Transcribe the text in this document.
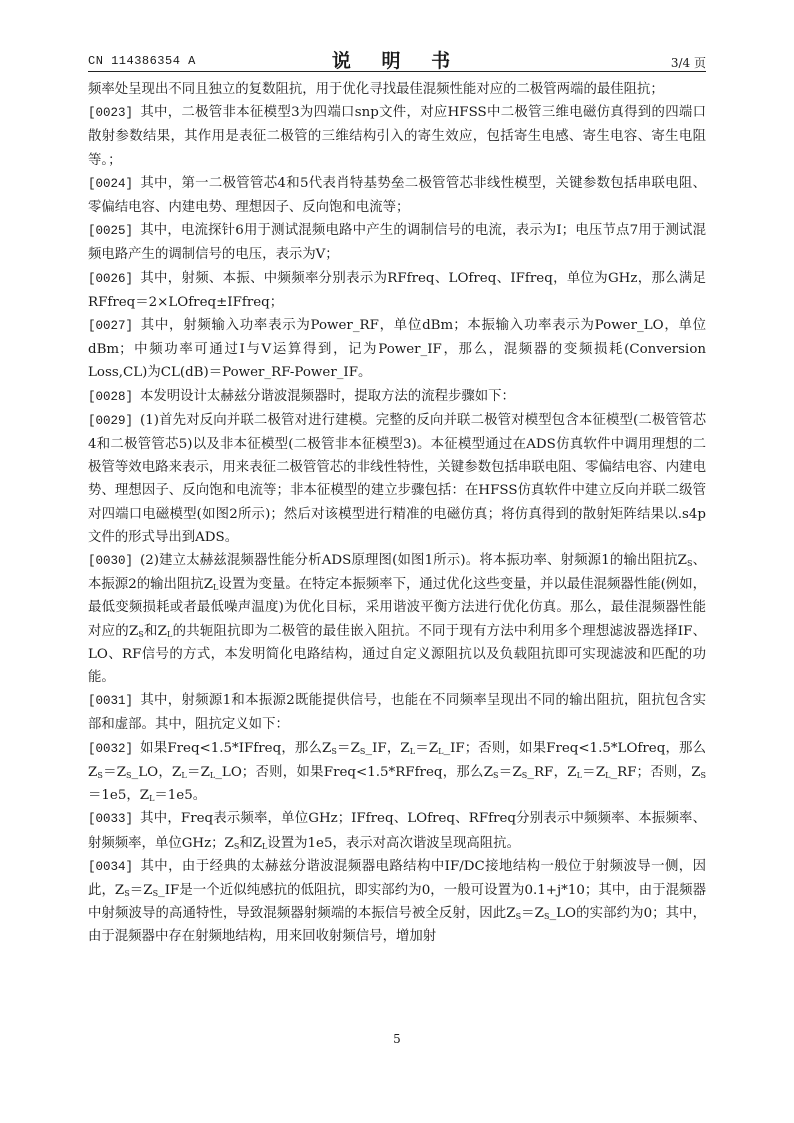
CN 114386354 A	说 明 书	3/4 页

频率处呈现出不同且独立的复数阻抗，用于优化寻找最佳混频性能对应的二极管两端的最佳阻抗；

[0023] 其中，二极管非本征模型3为四端口snp文件，对应HFSS中二极管三维电磁仿真得到的四端口散射参数结果，其作用是表征二极管的三维结构引入的寄生效应，包括寄生电感、寄生电容、寄生电阻等。；

[0024] 其中，第一二极管管芯4和5代表肖特基势垒二极管管芯非线性模型，关键参数包括串联电阻、零偏结电容、内建电势、理想因子、反向饱和电流等；

[0025] 其中，电流探针6用于测试混频电路中产生的调制信号的电流，表示为I；电压节点7用于测试混频电路产生的调制信号的电压，表示为V；

[0026] 其中，射频、本振、中频频率分别表示为RFfreq、LOfreq、IFfreq，单位为GHz，那么满足RFfreq＝2×LOfreq±IFfreq；

[0027] 其中，射频输入功率表示为Power_RF，单位dBm；本振输入功率表示为Power_LO，单位dBm；中频功率可通过I与V运算得到，记为Power_IF，那么，混频器的变频损耗(Conversion Loss,CL)为CL(dB)＝Power_RF-Power_IF。

[0028] 本发明设计太赫兹分谐波混频器时，提取方法的流程步骤如下：

[0029] (1)首先对反向并联二极管对进行建模。完整的反向并联二极管对模型包含本征模型(二极管管芯4和二极管管芯5)以及非本征模型(二极管非本征模型3)。本征模型通过在ADS仿真软件中调用理想的二极管等效电路来表示，用来表征二极管管芯的非线性特性，关键参数包括串联电阻、零偏结电容、内建电势、理想因子、反向饱和电流等；非本征模型的建立步骤包括：在HFSS仿真软件中建立反向并联二级管对四端口电磁模型(如图2所示)；然后对该模型进行精准的电磁仿真；将仿真得到的散射矩阵结果以.s4p文件的形式导出到ADS。

[0030] (2)建立太赫兹混频器性能分析ADS原理图(如图1所示)。将本振功率、射频源1的输出阻抗$Z_S$、本振源2的输出阻抗$Z_L$设置为变量。在特定本振频率下，通过优化这些变量，并以最佳混频器性能(例如，最低变频损耗或者最低噪声温度)为优化目标，采用谐波平衡方法进行优化仿真。那么，最佳混频器性能对应的$Z_S$和$Z_L$的共轭阻抗即为二极管的最佳嵌入阻抗。不同于现有方法中利用多个理想滤波器选择IF、LO、RF信号的方式，本发明简化电路结构，通过自定义源阻抗以及负载阻抗即可实现滤波和匹配的功能。

[0031] 其中，射频源1和本振源2既能提供信号，也能在不同频率呈现出不同的输出阻抗，阻抗包含实部和虚部。其中，阻抗定义如下：

[0032] 如果Freq<1.5*IFfreq，那么$Z_S=Z_S\_IF$，$Z_L=Z_L\_IF$；否则，如果Freq<1.5*LOfreq，那么$Z_S=Z_S\_LO$，$Z_L=Z_L\_LO$；否则，如果Freq<1.5*RFfreq，那么$Z_S=Z_S\_RF$，$Z_L=Z_L\_RF$；否则，$Z_S=1e5$，$Z_L=1e5$。

[0033] 其中，Freq表示频率，单位GHz；IFfreq、LOfreq、RFfreq分别表示中频频率、本振频率、射频频率，单位GHz；$Z_S$和$Z_L$设置为1e5，表示对高次谐波呈现高阻抗。

[0034] 其中，由于经典的太赫兹分谐波混频器电路结构中IF/DC接地结构一般位于射频波导一侧，因此，$Z_S=Z_S\_IF$是一个近似纯感抗的低阻抗，即实部约为0，一般可设置为0.1+j*10；其中，由于混频器中射频波导的高通特性，导致混频器射频端的本振信号被全反射，因此$Z_S=Z_S\_LO$的实部约为0；其中，由于混频器中存在射频地结构，用来回收射频信号，增加射

5
